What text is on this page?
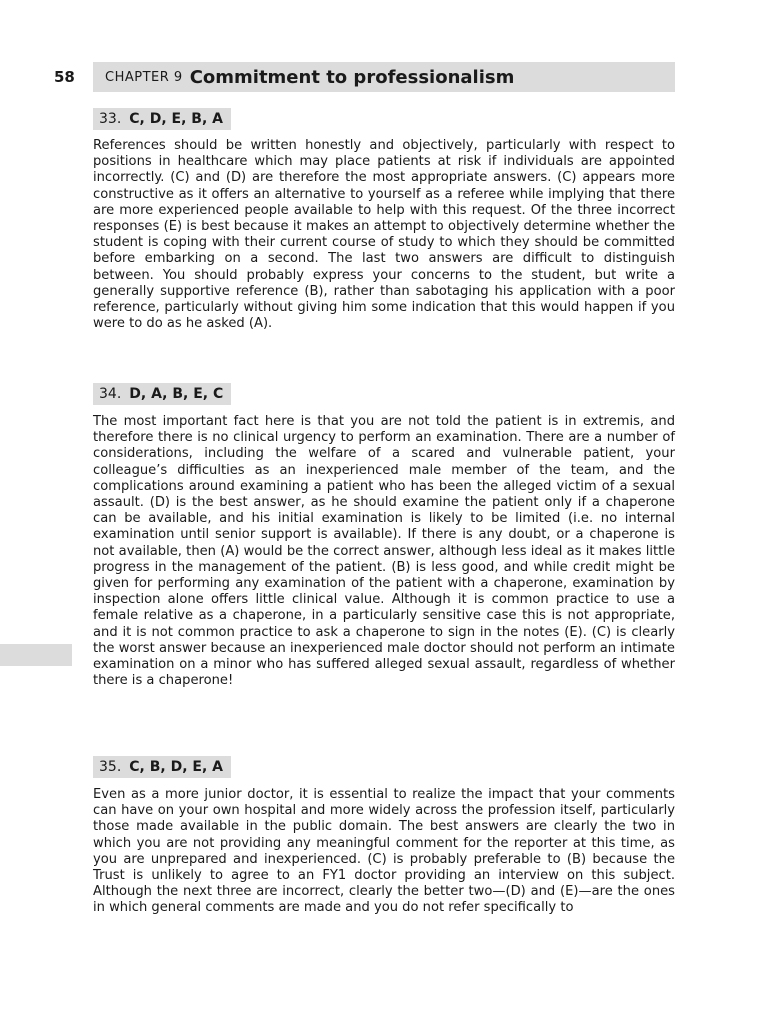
58 CHAPTER 9 Commitment to professionalism
33. C, D, E, B, A

References should be written honestly and objectively, particularly with respect to positions in healthcare which may place patients at risk if individuals are appointed incorrectly. (C) and (D) are therefore the most appropriate answers. (C) appears more constructive as it offers an alternative to yourself as a referee while implying that there are more experienced people available to help with this request. Of the three incorrect responses (E) is best because it makes an attempt to objectively determine whether the student is coping with their current course of study to which they should be committed before embarking on a second. The last two answers are difficult to distinguish between. You should probably express your concerns to the student, but write a generally supportive reference (B), rather than sabotaging his application with a poor reference, particularly without giving him some indication that this would happen if you were to do as he asked (A).

34. D, A, B, E, C

The most important fact here is that you are not told the patient is in extremis, and therefore there is no clinical urgency to perform an examination. There are a number of considerations, including the welfare of a scared and vulnerable patient, your colleague’s difficulties as an inexperienced male member of the team, and the complications around examining a patient who has been the alleged victim of a sexual assault. (D) is the best answer, as he should examine the patient only if a chaperone can be available, and his initial examination is likely to be limited (i.e. no internal examination until senior support is available). If there is any doubt, or a chaperone is not available, then (A) would be the correct answer, although less ideal as it makes little progress in the management of the patient. (B) is less good, and while credit might be given for performing any examination of the patient with a chaperone, examination by inspection alone offers little clinical value. Although it is common practice to use a female relative as a chaperone, in a particularly sensitive case this is not appropriate, and it is not common practice to ask a chaperone to sign in the notes (E). (C) is clearly the worst answer because an inexperienced male doctor should not perform an intimate examination on a minor who has suffered alleged sexual assault, regardless of whether there is a chaperone!

35. C, B, D, E, A

Even as a more junior doctor, it is essential to realize the impact that your comments can have on your own hospital and more widely across the profession itself, particularly those made available in the public domain. The best answers are clearly the two in which you are not providing any meaningful comment for the reporter at this time, as you are unprepared and inexperienced. (C) is probably preferable to (B) because the Trust is unlikely to agree to an FY1 doctor providing an interview on this subject. Although the next three are incorrect, clearly the better two—(D) and (E)—are the ones in which general comments are made and you do not refer specifically to
